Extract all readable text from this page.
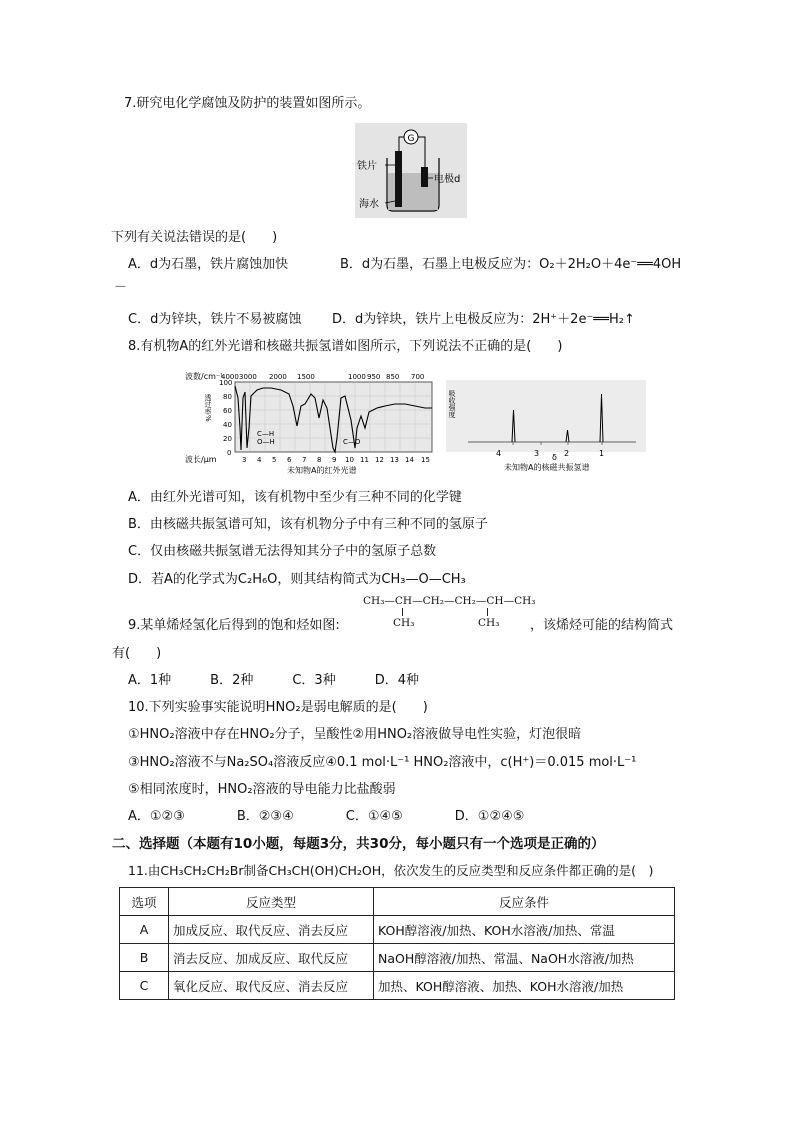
7.研究电化学腐蚀及防护的装置如图所示。
G
铁片
电极d
海水
下列有关说法错误的是(　　)
A．d为石墨，铁片腐蚀加快	B．d为石墨，石墨上电极反应为：O₂＋2H₂O＋4e⁻══4OH
－
C．d为锌块，铁片不易被腐蚀 D．d为锌块，铁片上电极反应为：2H⁺＋2e⁻══H₂↑
8.有机物A的红外光谱和核磁共振氢谱如图所示，下列说法不正确的是(　　)
波数/cm⁻¹
4000 3000 2000 1500	1000 950 850 700
C—H
O—H	C—O
透过率%
100
80
60
40
20
0
波长/μm	3 4 5 6 7 8 9 10 11 12 13 14 15
未知物A的红外光谱
吸收强度
4	3	2	1
δ
未知物A的核磁共振氢谱
A．由红外光谱可知，该有机物中至少有三种不同的化学键
B．由核磁共振氢谱可知，该有机物分子中有三种不同的氢原子
C．仅由核磁共振氢谱无法得知其分子中的氢原子总数
D．若A的化学式为C₂H₆O，则其结构简式为CH₃—O—CH₃
CH₃—CH—CH₂—CH₂—CH—CH₃
CH₃	CH₃
9.某单烯烃氢化后得到的饱和烃如图:	，该烯烃可能的结构简式
有(　　)
A．1种　　　B．2种　　　C．3种　　　D．4种
10.下列实验事实能说明HNO₂是弱电解质的是(　　)
①HNO₂溶液中存在HNO₂分子，呈酸性②用HNO₂溶液做导电性实验，灯泡很暗
③HNO₂溶液不与Na₂SO₄溶液反应④0.1 mol·L⁻¹ HNO₂溶液中，c(H⁺)＝0.015 mol·L⁻¹
⑤相同浓度时，HNO₂溶液的导电能力比盐酸弱
A．①②③　　　　B．②③④　　　　C．①④⑤　　　　D．①②④⑤
二、选择题（本题有10小题，每题3分，共30分，每小题只有一个选项是正确的）
11.由CH₃CH₂CH₂Br制备CH₃CH(OH)CH₂OH，依次发生的反应类型和反应条件都正确的是(　)
选项	反应类型	反应条件
A	加成反应、取代反应、消去反应	KOH醇溶液/加热、KOH水溶液/加热、常温
B	消去反应、加成反应、取代反应	NaOH醇溶液/加热、常温、NaOH水溶液/加热
C	氧化反应、取代反应、消去反应	加热、KOH醇溶液、加热、KOH水溶液/加热
